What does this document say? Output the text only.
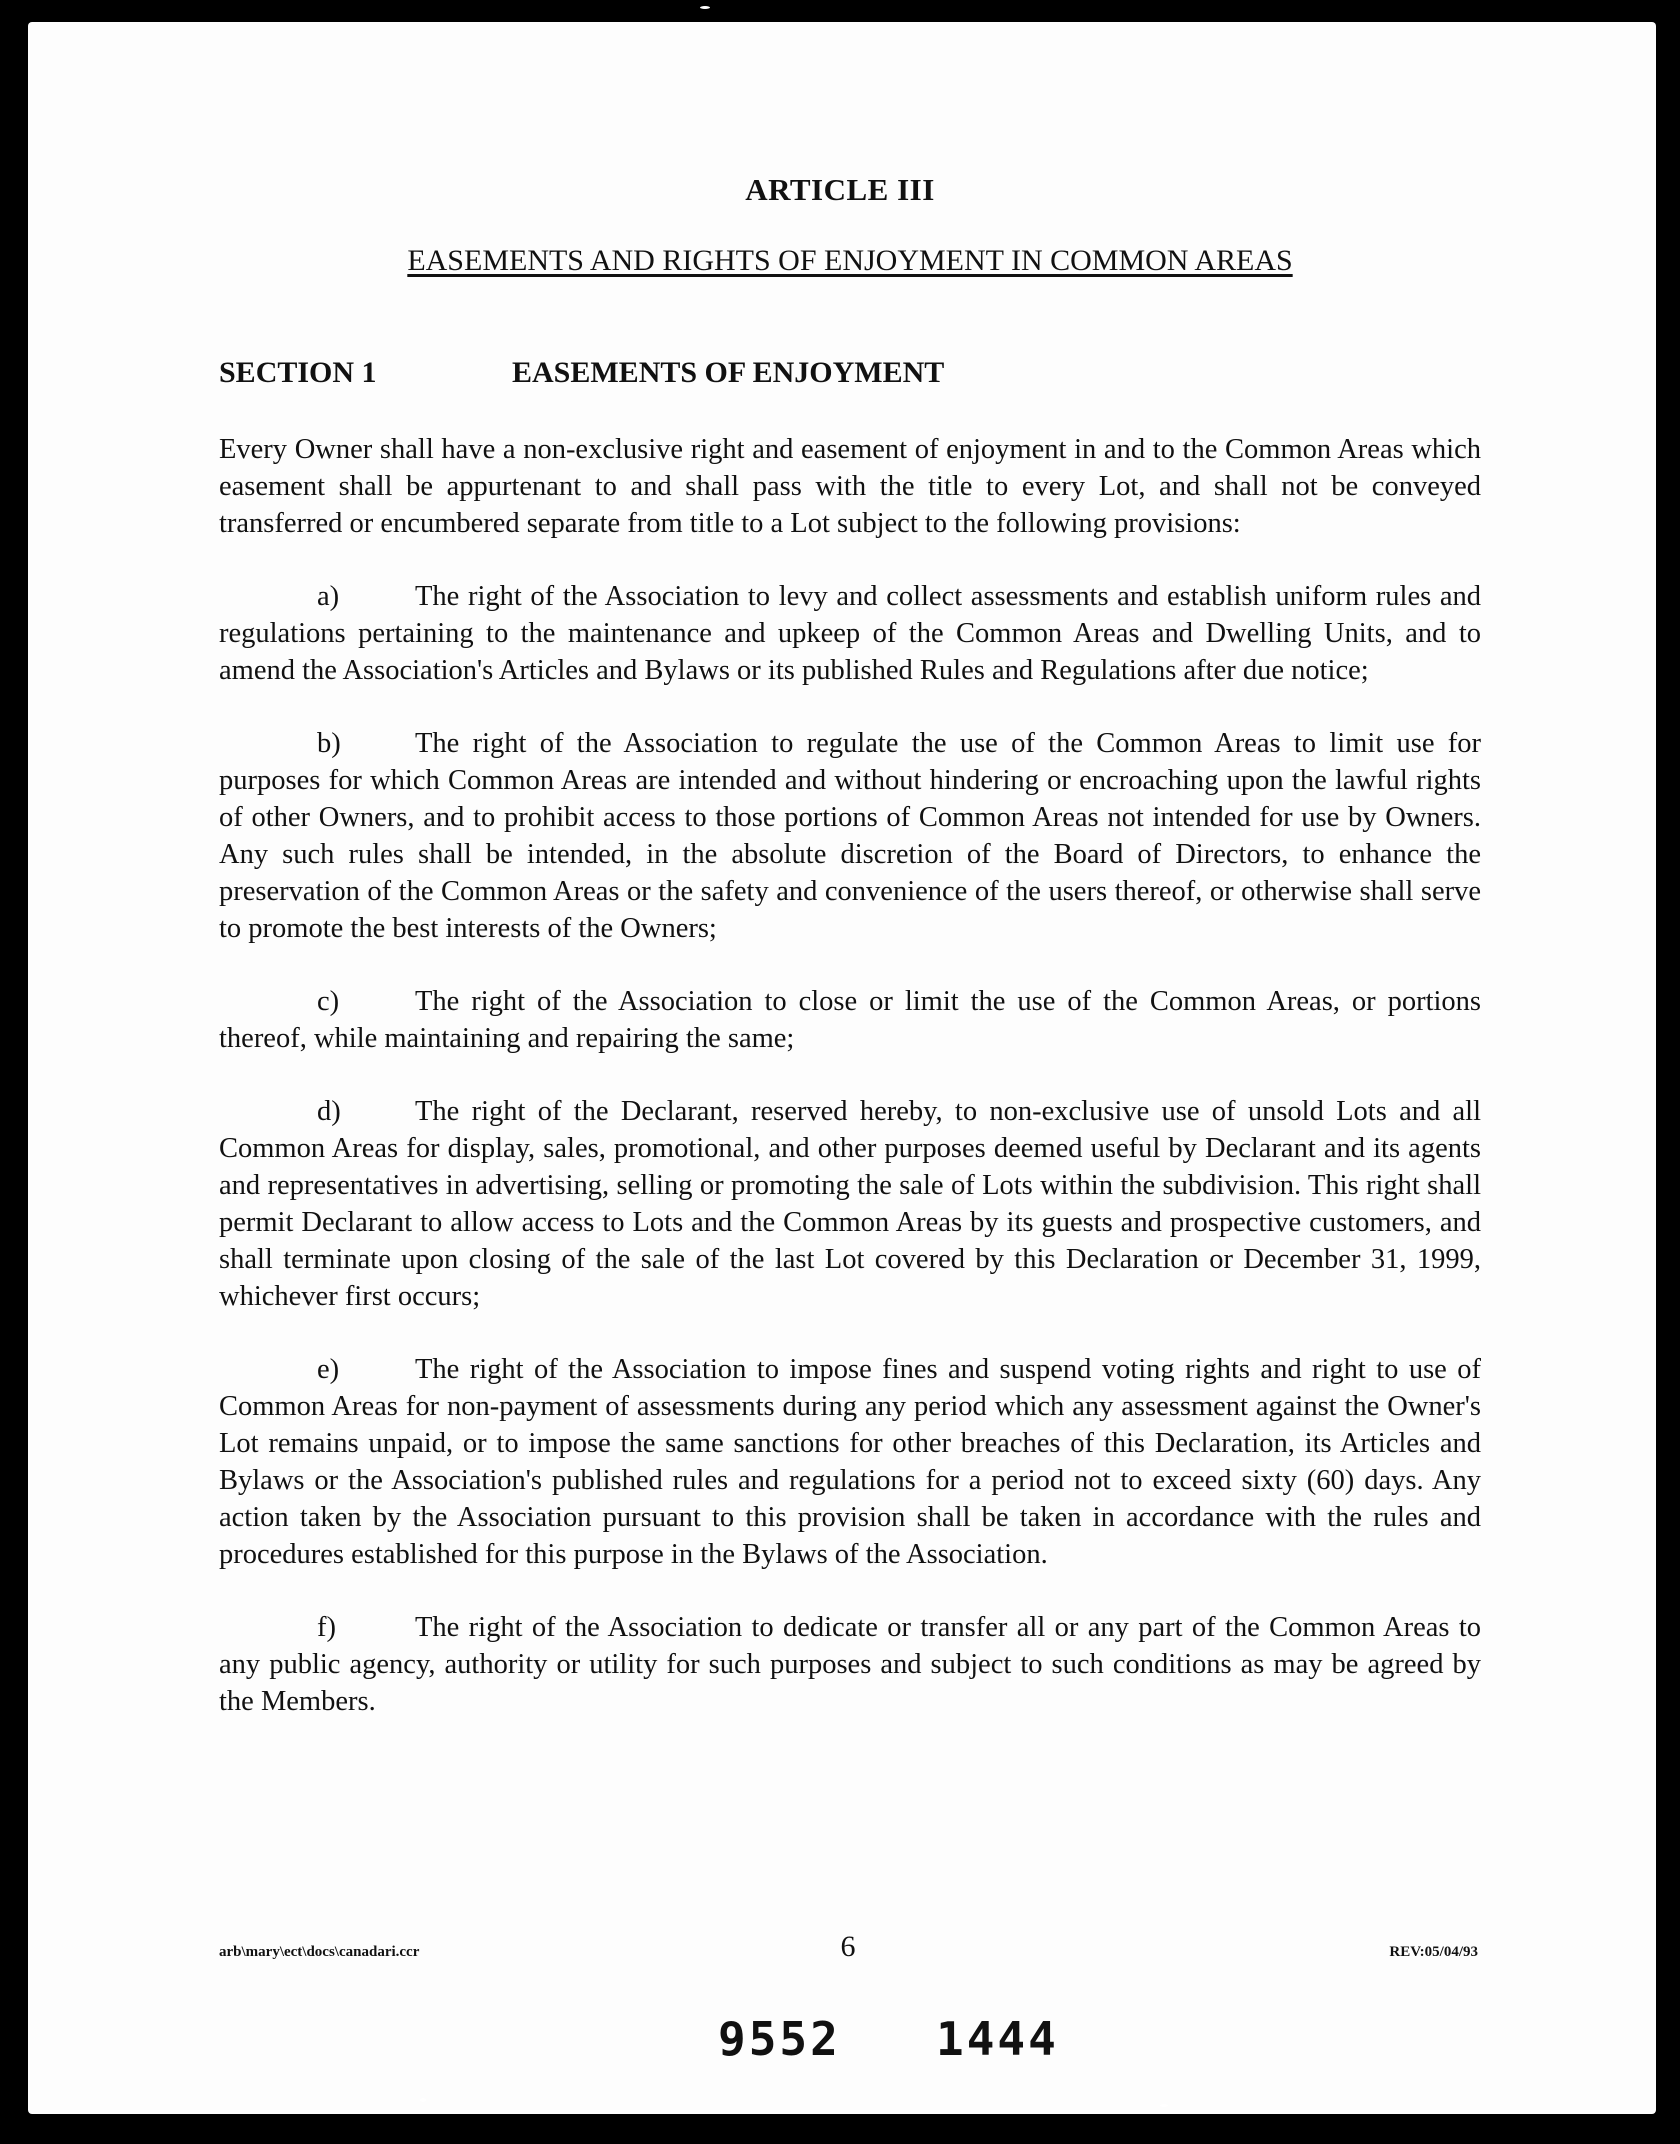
ARTICLE III
EASEMENTS AND RIGHTS OF ENJOYMENT IN COMMON AREAS
SECTION 1	EASEMENTS OF ENJOYMENT

Every Owner shall have a non-exclusive right and easement of enjoyment in and to the Common Areas which easement shall be appurtenant to and shall pass with the title to every Lot, and shall not be conveyed transferred or encumbered separate from title to a Lot subject to the following provisions:

a)	The right of the Association to levy and collect assessments and establish uniform rules and regulations pertaining to the maintenance and upkeep of the Common Areas and Dwelling Units, and to amend the Association's Articles and Bylaws or its published Rules and Regulations after due notice;

b)	The right of the Association to regulate the use of the Common Areas to limit use for purposes for which Common Areas are intended and without hindering or encroaching upon the lawful rights of other Owners, and to prohibit access to those portions of Common Areas not intended for use by Owners. Any such rules shall be intended, in the absolute discretion of the Board of Directors, to enhance the preservation of the Common Areas or the safety and convenience of the users thereof, or otherwise shall serve to promote the best interests of the Owners;

c)	The right of the Association to close or limit the use of the Common Areas, or portions thereof, while maintaining and repairing the same;

d)	The right of the Declarant, reserved hereby, to non-exclusive use of unsold Lots and all Common Areas for display, sales, promotional, and other purposes deemed useful by Declarant and its agents and representatives in advertising, selling or promoting the sale of Lots within the subdivision. This right shall permit Declarant to allow access to Lots and the Common Areas by its guests and prospective customers, and shall terminate upon closing of the sale of the last Lot covered by this Declaration or December 31, 1999, whichever first occurs;

e)	The right of the Association to impose fines and suspend voting rights and right to use of Common Areas for non-payment of assessments during any period which any assessment against the Owner's Lot remains unpaid, or to impose the same sanctions for other breaches of this Declaration, its Articles and Bylaws or the Association's published rules and regulations for a period not to exceed sixty (60) days. Any action taken by the Association pursuant to this provision shall be taken in accordance with the rules and procedures established for this purpose in the Bylaws of the Association.

f)	The right of the Association to dedicate or transfer all or any part of the Common Areas to any public agency, authority or utility for such purposes and subject to such conditions as may be agreed by the Members.

arb\mary\ect\docs\canadari.ccr	6	REV:05/04/93
9552 1444
